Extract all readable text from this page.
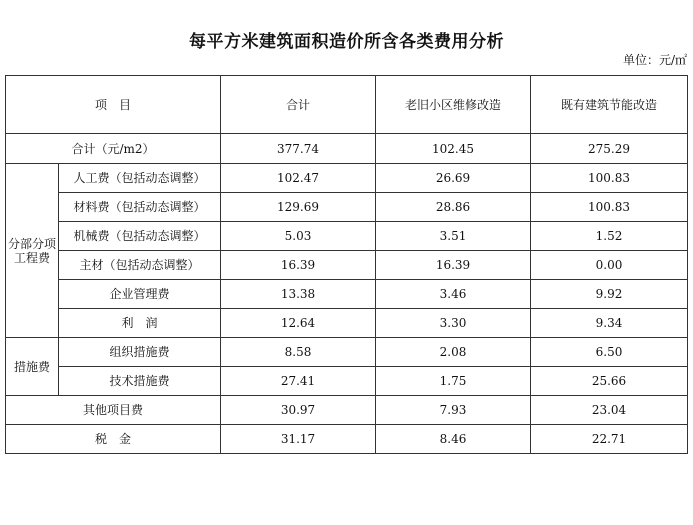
每平方米建筑面积造价所含各类费用分析
单位：元/㎡
项　目		合计	老旧小区维修改造	既有建筑节能改造
合计（元/m2）		377.74	102.45	275.29
分部分项
工程费	人工费（包括动态调整）	102.47	26.69	100.83
	材料费（包括动态调整）	129.69	28.86	100.83
	机械费（包括动态调整）	5.03	3.51	1.52
	主材（包括动态调整）	16.39	16.39	0.00
	企业管理费	13.38	3.46	9.92
	利　润	12.64	3.30	9.34
措施费	组织措施费	8.58	2.08	6.50
	技术措施费	27.41	1.75	25.66
其他项目费		30.97	7.93	23.04
税　金		31.17	8.46	22.71
